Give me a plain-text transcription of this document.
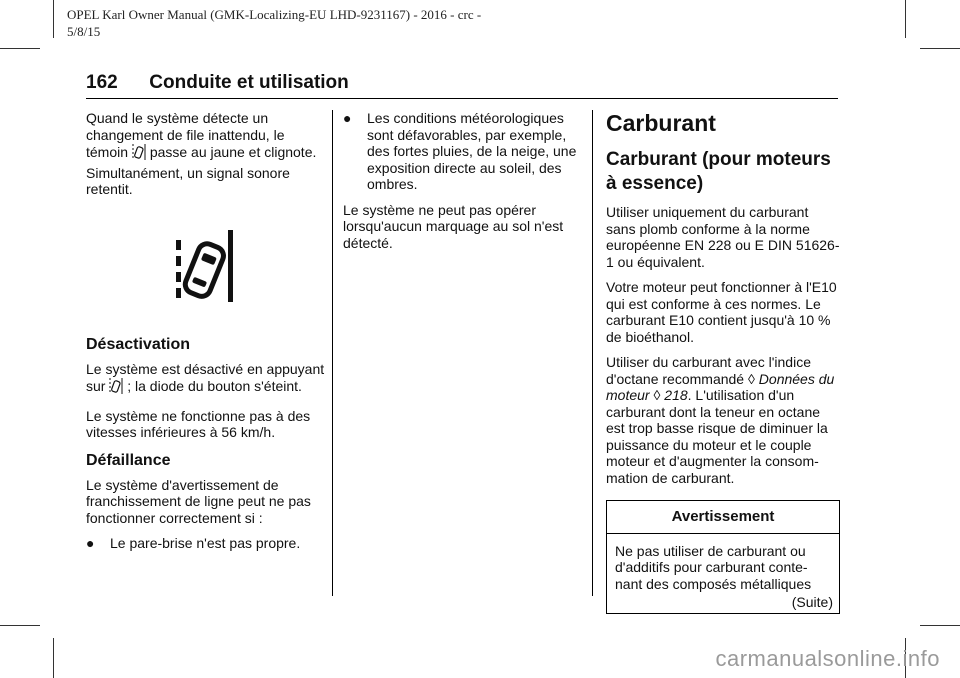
OPEL Karl Owner Manual (GMK-Localizing-EU LHD-9231167) - 2016 - crc -
5/8/15
162 Conduite et utilisation

Quand le système détecte un changement de file inattendu, le témoin passe au jaune et clignote. Simultanément, un signal sonore retentit.

Désactivation

Le système est désactivé en appuyant sur ; la diode du bouton s'éteint.

Le système ne fonctionne pas à des vitesses inférieures à 56 km/h.

Défaillance

Le système d'avertissement de franchissement de ligne peut ne pas fonctionner correctement si :

●	Le pare-brise n'est pas propre.
●	Les conditions météorologiques sont défavorables, par exemple, des fortes pluies, de la neige, une exposition directe au soleil, des ombres.

Le système ne peut pas opérer lorsqu'aucun marquage au sol n'est détecté.

Carburant
Carburant (pour moteurs à essence)

Utiliser uniquement du carburant sans plomb conforme à la norme européenne EN 228 ou E DIN 51626-1 ou équivalent.

Votre moteur peut fonctionner à l'E10 qui est conforme à ces normes. Le carburant E10 contient jusqu'à 10 % de bioéthanol.

Utiliser du carburant avec l'indice d'octane recommandé ◊ Données du moteur ◊ 218. L'utilisation d'un carburant dont la teneur en octane est trop basse risque de diminuer la puissance du moteur et le couple moteur et d'augmenter la consom-mation de carburant.

Avertissement
Ne pas utiliser de carburant ou d'additifs pour carburant conte-nant des composés métalliques
(Suite)
carmanualsonline.info
